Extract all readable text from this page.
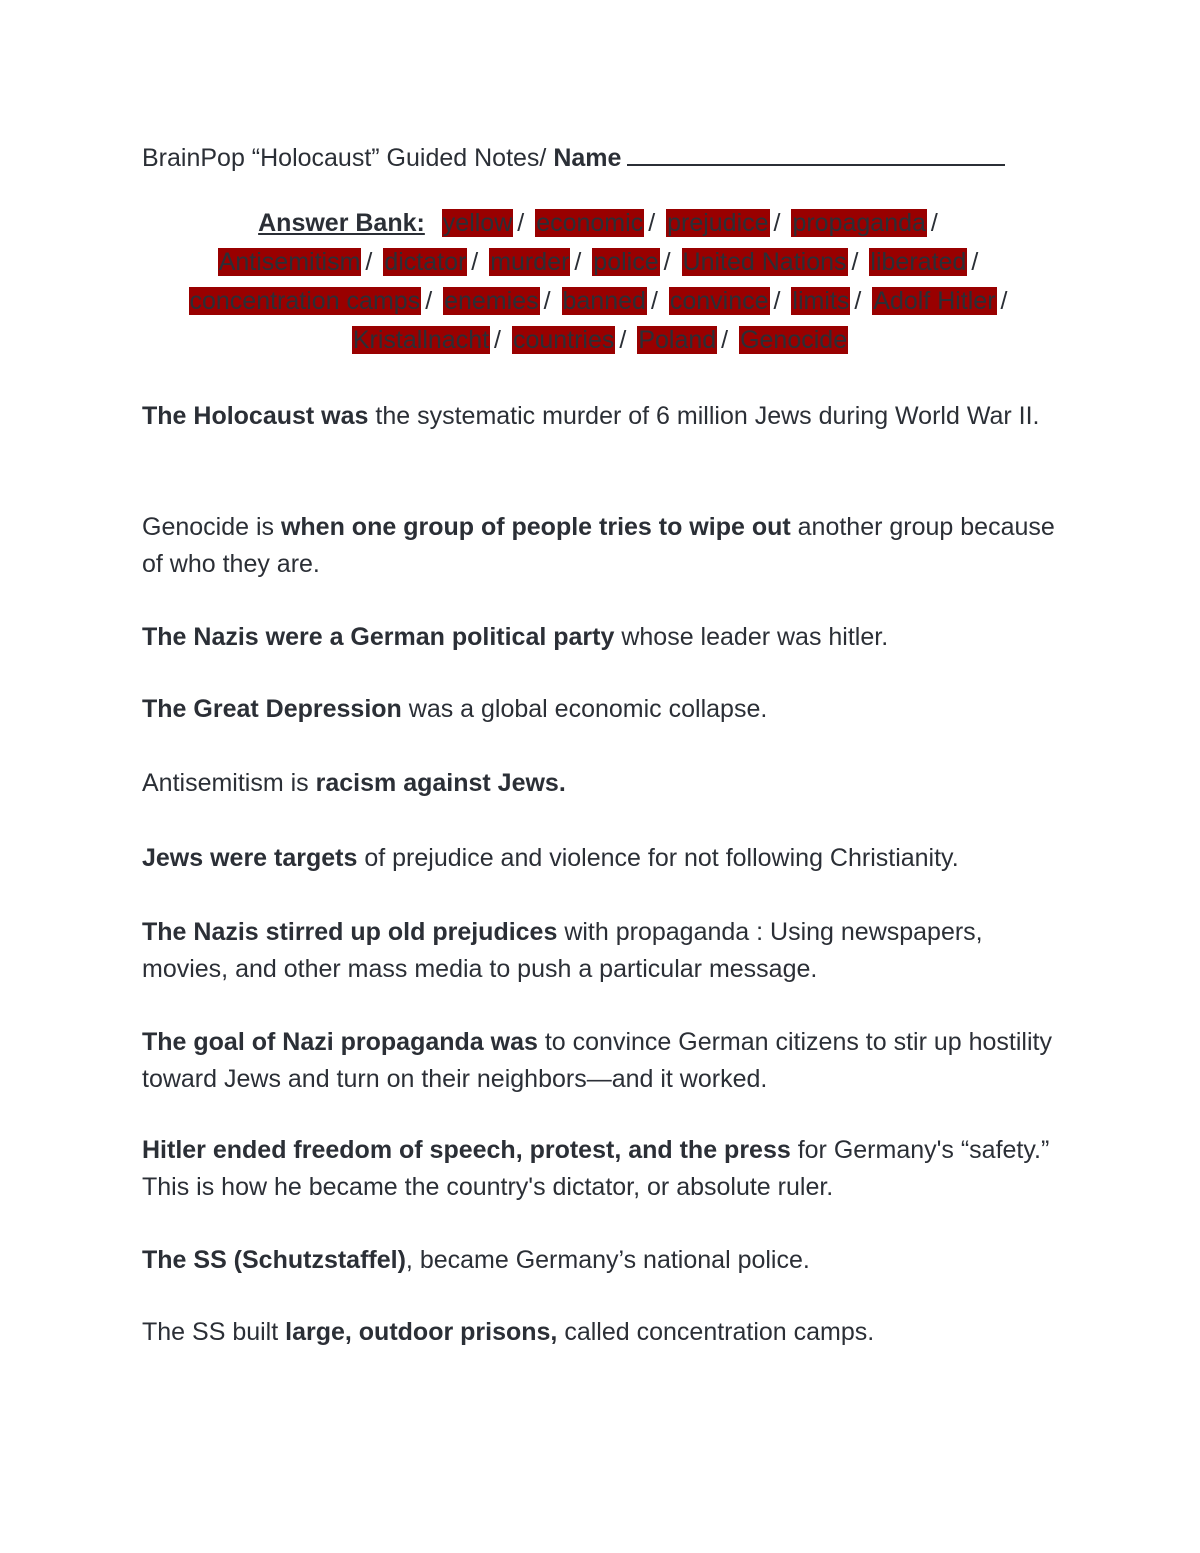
BrainPop “Holocaust” Guided Notes/ Name
Answer Bank: yellow / economic / prejudice / propaganda /
Antisemitism / dictator / murder / police / United Nations / liberated /
concentration camps / enemies / banned / convince / limits / Adolf Hitler / Kristallnacht / countries / Poland / Genocide

The Holocaust was the systematic murder of 6 million Jews during World War II.

Genocide is when one group of people tries to wipe out another group because of who they are.

The Nazis were a German political party whose leader was hitler.

The Great Depression was a global economic collapse.

Antisemitism is racism against Jews.

Jews were targets of prejudice and violence for not following Christianity.

The Nazis stirred up old prejudices with propaganda : Using newspapers, movies, and other mass media to push a particular message.

The goal of Nazi propaganda was to convince German citizens to stir up hostility toward Jews and turn on their neighbors—and it worked.

Hitler ended freedom of speech, protest, and the press for Germany's “safety.” This is how he became the country's dictator, or absolute ruler.

The SS (Schutzstaffel), became Germany’s national police.

The SS built large, outdoor prisons, called concentration camps.
